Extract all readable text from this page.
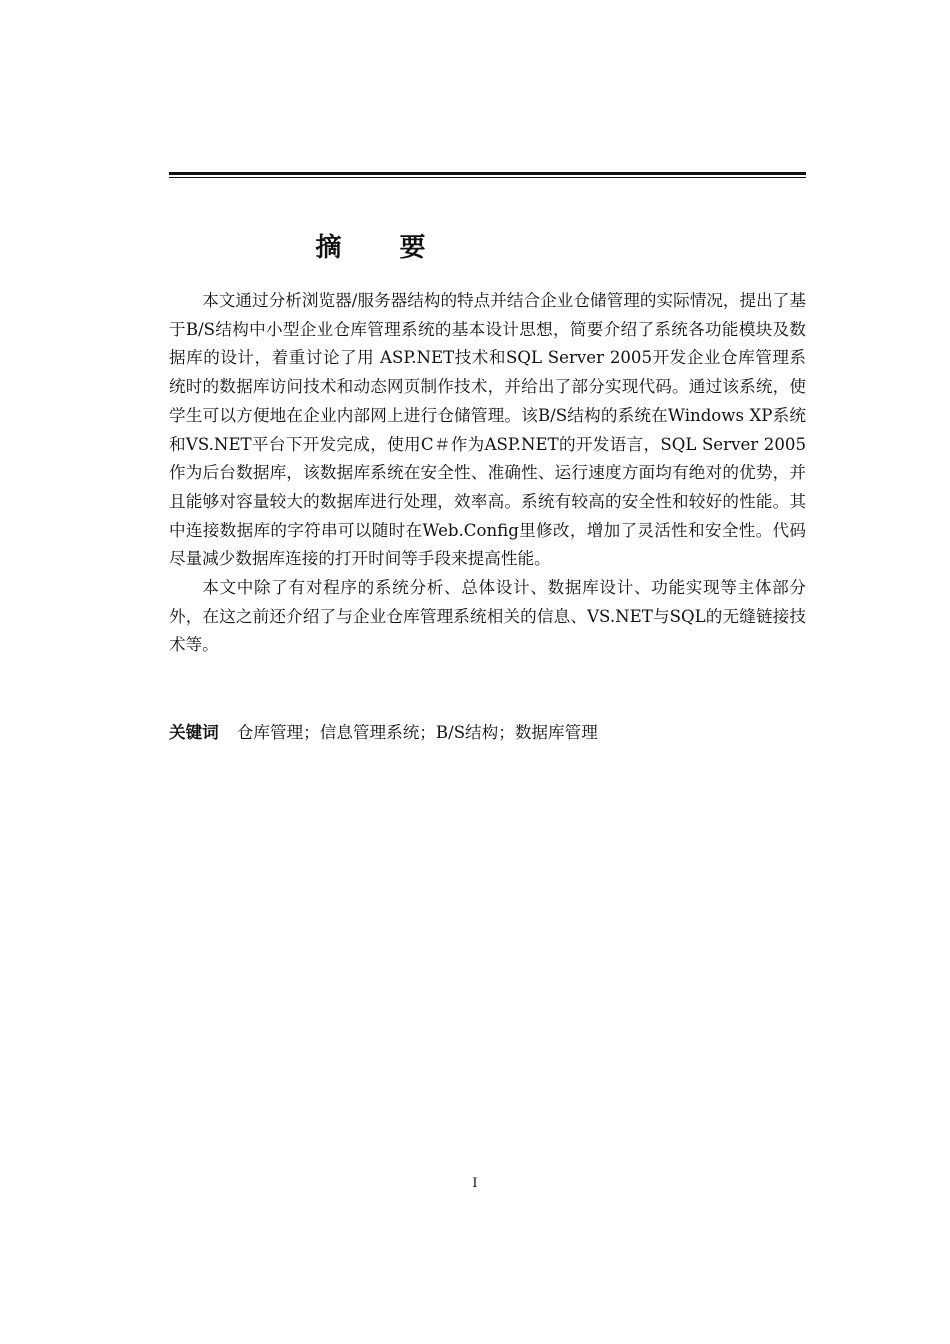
摘要

本文通过分析浏览器/服务器结构的特点并结合企业仓储管理的实际情况，提出了基于B/S结构中小型企业仓库管理系统的基本设计思想，简要介绍了系统各功能模块及数据库的设计，着重讨论了用 ASP.NET技术和SQL Server 2005开发企业仓库管理系统时的数据库访问技术和动态网页制作技术，并给出了部分实现代码。通过该系统，使学生可以方便地在企业内部网上进行仓储管理。该B/S结构的系统在Windows XP系统和VS.NET平台下开发完成，使用C＃作为ASP.NET的开发语言，SQL Server 2005作为后台数据库，该数据库系统在安全性、准确性、运行速度方面均有绝对的优势，并且能够对容量较大的数据库进行处理，效率高。系统有较高的安全性和较好的性能。其中连接数据库的字符串可以随时在Web.Config里修改，增加了灵活性和安全性。代码尽量减少数据库连接的打开时间等手段来提高性能。

本文中除了有对程序的系统分析、总体设计、数据库设计、功能实现等主体部分外，在这之前还介绍了与企业仓库管理系统相关的信息、VS.NET与SQL的无缝链接技术等。

关键词 仓库管理；信息管理系统；B/S结构；数据库管理
I
